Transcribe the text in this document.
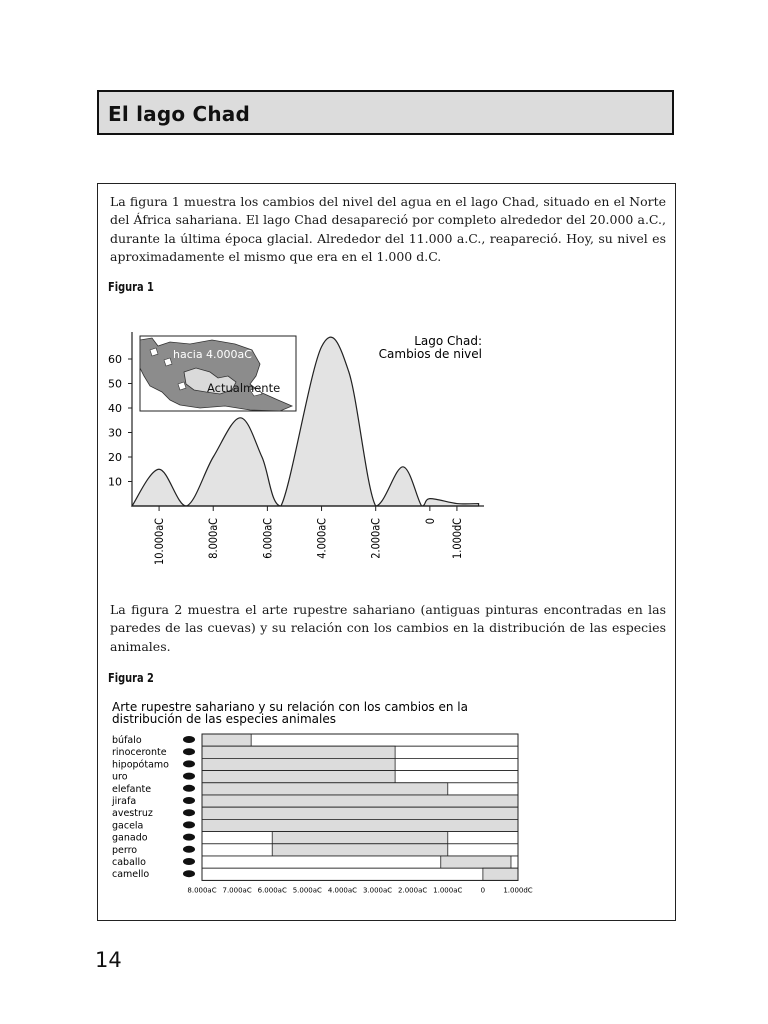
El lago Chad
La figura 1 muestra los cambios del nivel del agua en el lago Chad, situado en el Norte del África sahariana. El lago Chad desapareció por completo alrededor del 20.000 a.C., durante la última época glacial. Alrededor del 11.000 a.C., reapareció. Hoy, su nivel es aproximadamente el mismo que era en el 1.000 d.C.
Figura 1
10
20
30
40
50
60
10.000aC	8.000aC	6.000aC	4.000aC	2.000aC	0 1.000dC
hacia 4.000aC
Actualmente
Lago Chad:
Cambios de nivel
La figura 2 muestra el arte rupestre sahariano (antiguas pinturas encontradas en las paredes de las cuevas) y su relación con los cambios en la distribución de las especies animales.
Figura 2
Arte rupestre sahariano y su relación con los cambios en la
distribución de las especies animales
búfalo
rinoceronte
hipopótamo
uro
elefante
jirafa
avestruz
gacela
ganado
perro
caballo
camello
8.000aC 7.000aC 6.000aC 5.000aC 4.000aC 3.000aC 2.000aC 1.000aC	0	1.000dC
14
